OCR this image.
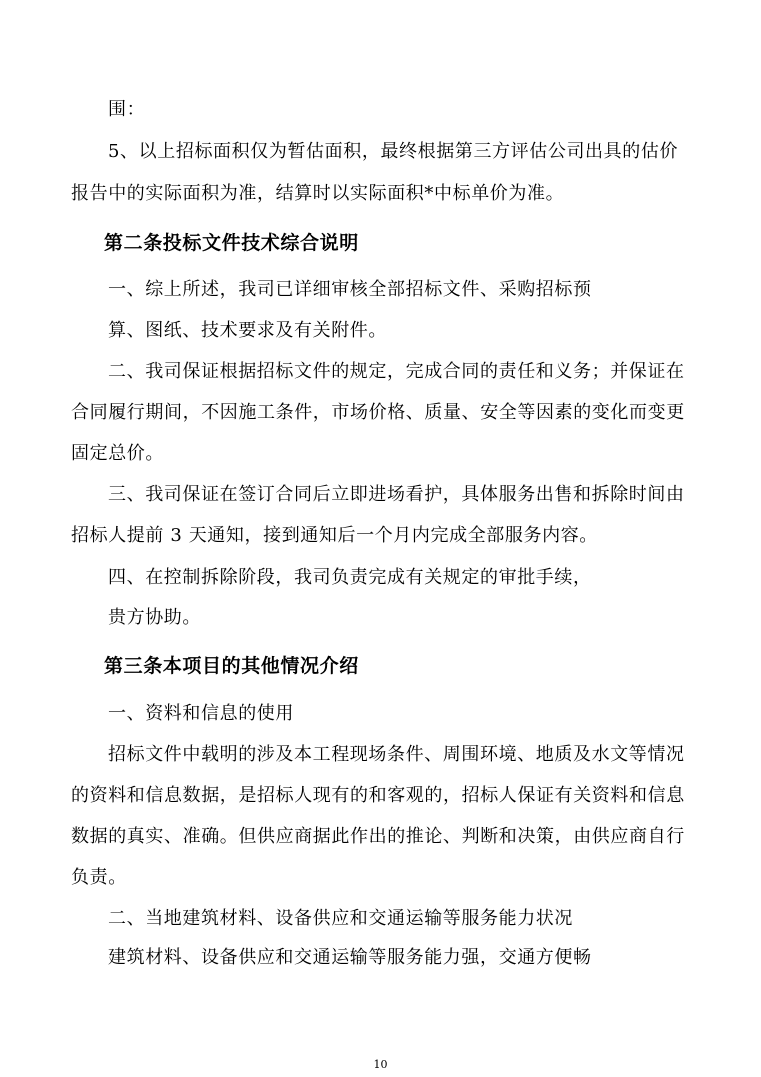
围：
5、以上招标面积仅为暂估面积，最终根据第三方评估公司出具的估价
报告中的实际面积为准，结算时以实际面积*中标单价为准。
第二条投标文件技术综合说明
一、综上所述，我司已详细审核全部招标文件、采购招标预
算、图纸、技术要求及有关附件。
二、我司保证根据招标文件的规定，完成合同的责任和义务；并保证在
合同履行期间，不因施工条件，市场价格、质量、安全等因素的变化而变更
固定总价。
三、我司保证在签订合同后立即进场看护，具体服务出售和拆除时间由
招标人提前 3 天通知，接到通知后一个月内完成全部服务内容。
四、在控制拆除阶段，我司负责完成有关规定的审批手续，
贵方协助。
第三条本项目的其他情况介绍
一、资料和信息的使用
招标文件中载明的涉及本工程现场条件、周围环境、地质及水文等情况
的资料和信息数据，是招标人现有的和客观的，招标人保证有关资料和信息
数据的真实、准确。但供应商据此作出的推论、判断和决策，由供应商自行
负责。
二、当地建筑材料、设备供应和交通运输等服务能力状况
建筑材料、设备供应和交通运输等服务能力强，交通方便畅
10
